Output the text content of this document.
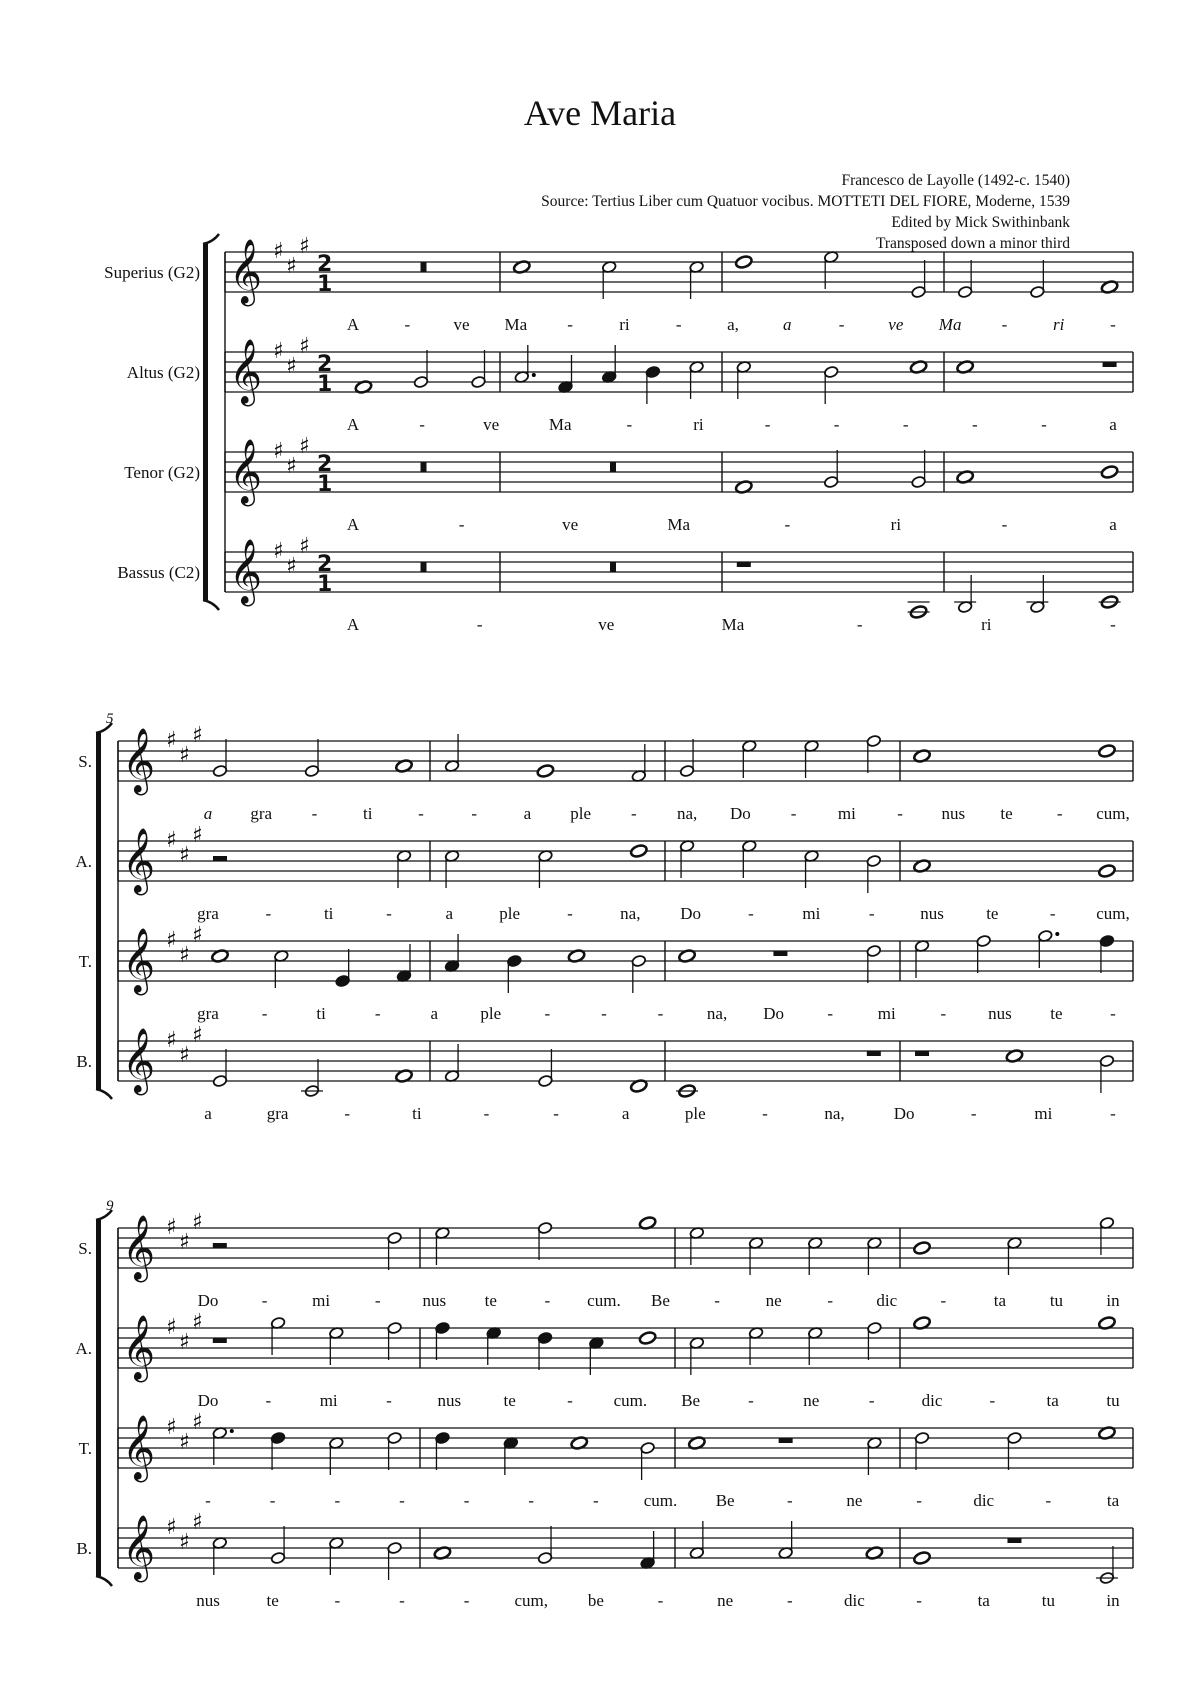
Ave Maria
Francesco de Layolle (1492-c. 1540)
Source: Tertius Liber cum Quatuor vocibus. MOTTETI DEL FIORE, Moderne, 1539
Edited by Mick Swithinbank
Transposed down a minor third
𝄞 ♯
♯
♯
2
1
Superius (G2)
A	-	ve Ma -	ri	-	a,	a	-	ve Ma -	ri	-
𝄞 ♯
♯
♯
2
1
Altus (G2)
A	-	ve	Ma	-	ri	-	-	-	-	-	a
𝄞 ♯
♯
♯
2
1
Tenor (G2)
A	-	ve	Ma	-	ri	-	a
𝄞 ♯
♯
♯
2
1
Bassus (C2)
A	-	ve	Ma	-	ri	-
5
𝄞 ♯
♯
♯
S.
a gra -	ti	-	-	a ple - na, Do - mi - nus te	- cum,
𝄞 ♯
♯
♯
A.
gra	-	ti	-	a	ple	-	na, Do	-	mi	-	nus te	- cum,
𝄞 ♯
♯
♯
T.
gra	-	ti	-	a ple	-	-	-	na, Do	-	mi	- nus te	-
𝄞 ♯
♯
♯
B.
a	gra	-	ti	-	-	a	ple	-	na,	Do	-	mi	-
9
𝄞 ♯
♯
♯
S.
Do	-	mi	- nus te	- cum. Be	-	ne	-	dic	-	ta	tu	in
𝄞 ♯
♯
♯
A.
Do	-	mi	-	nus te	- cum. Be	-	ne	-	dic	-	ta	tu
𝄞 ♯
♯
♯
T.
-	-	-	-	-	-	-	cum. Be	-	ne	-	dic	-	ta
𝄞 ♯
♯
♯
B.
nus	te	-	-	-	cum, be	-	ne	-	dic	-	ta	tu	in
